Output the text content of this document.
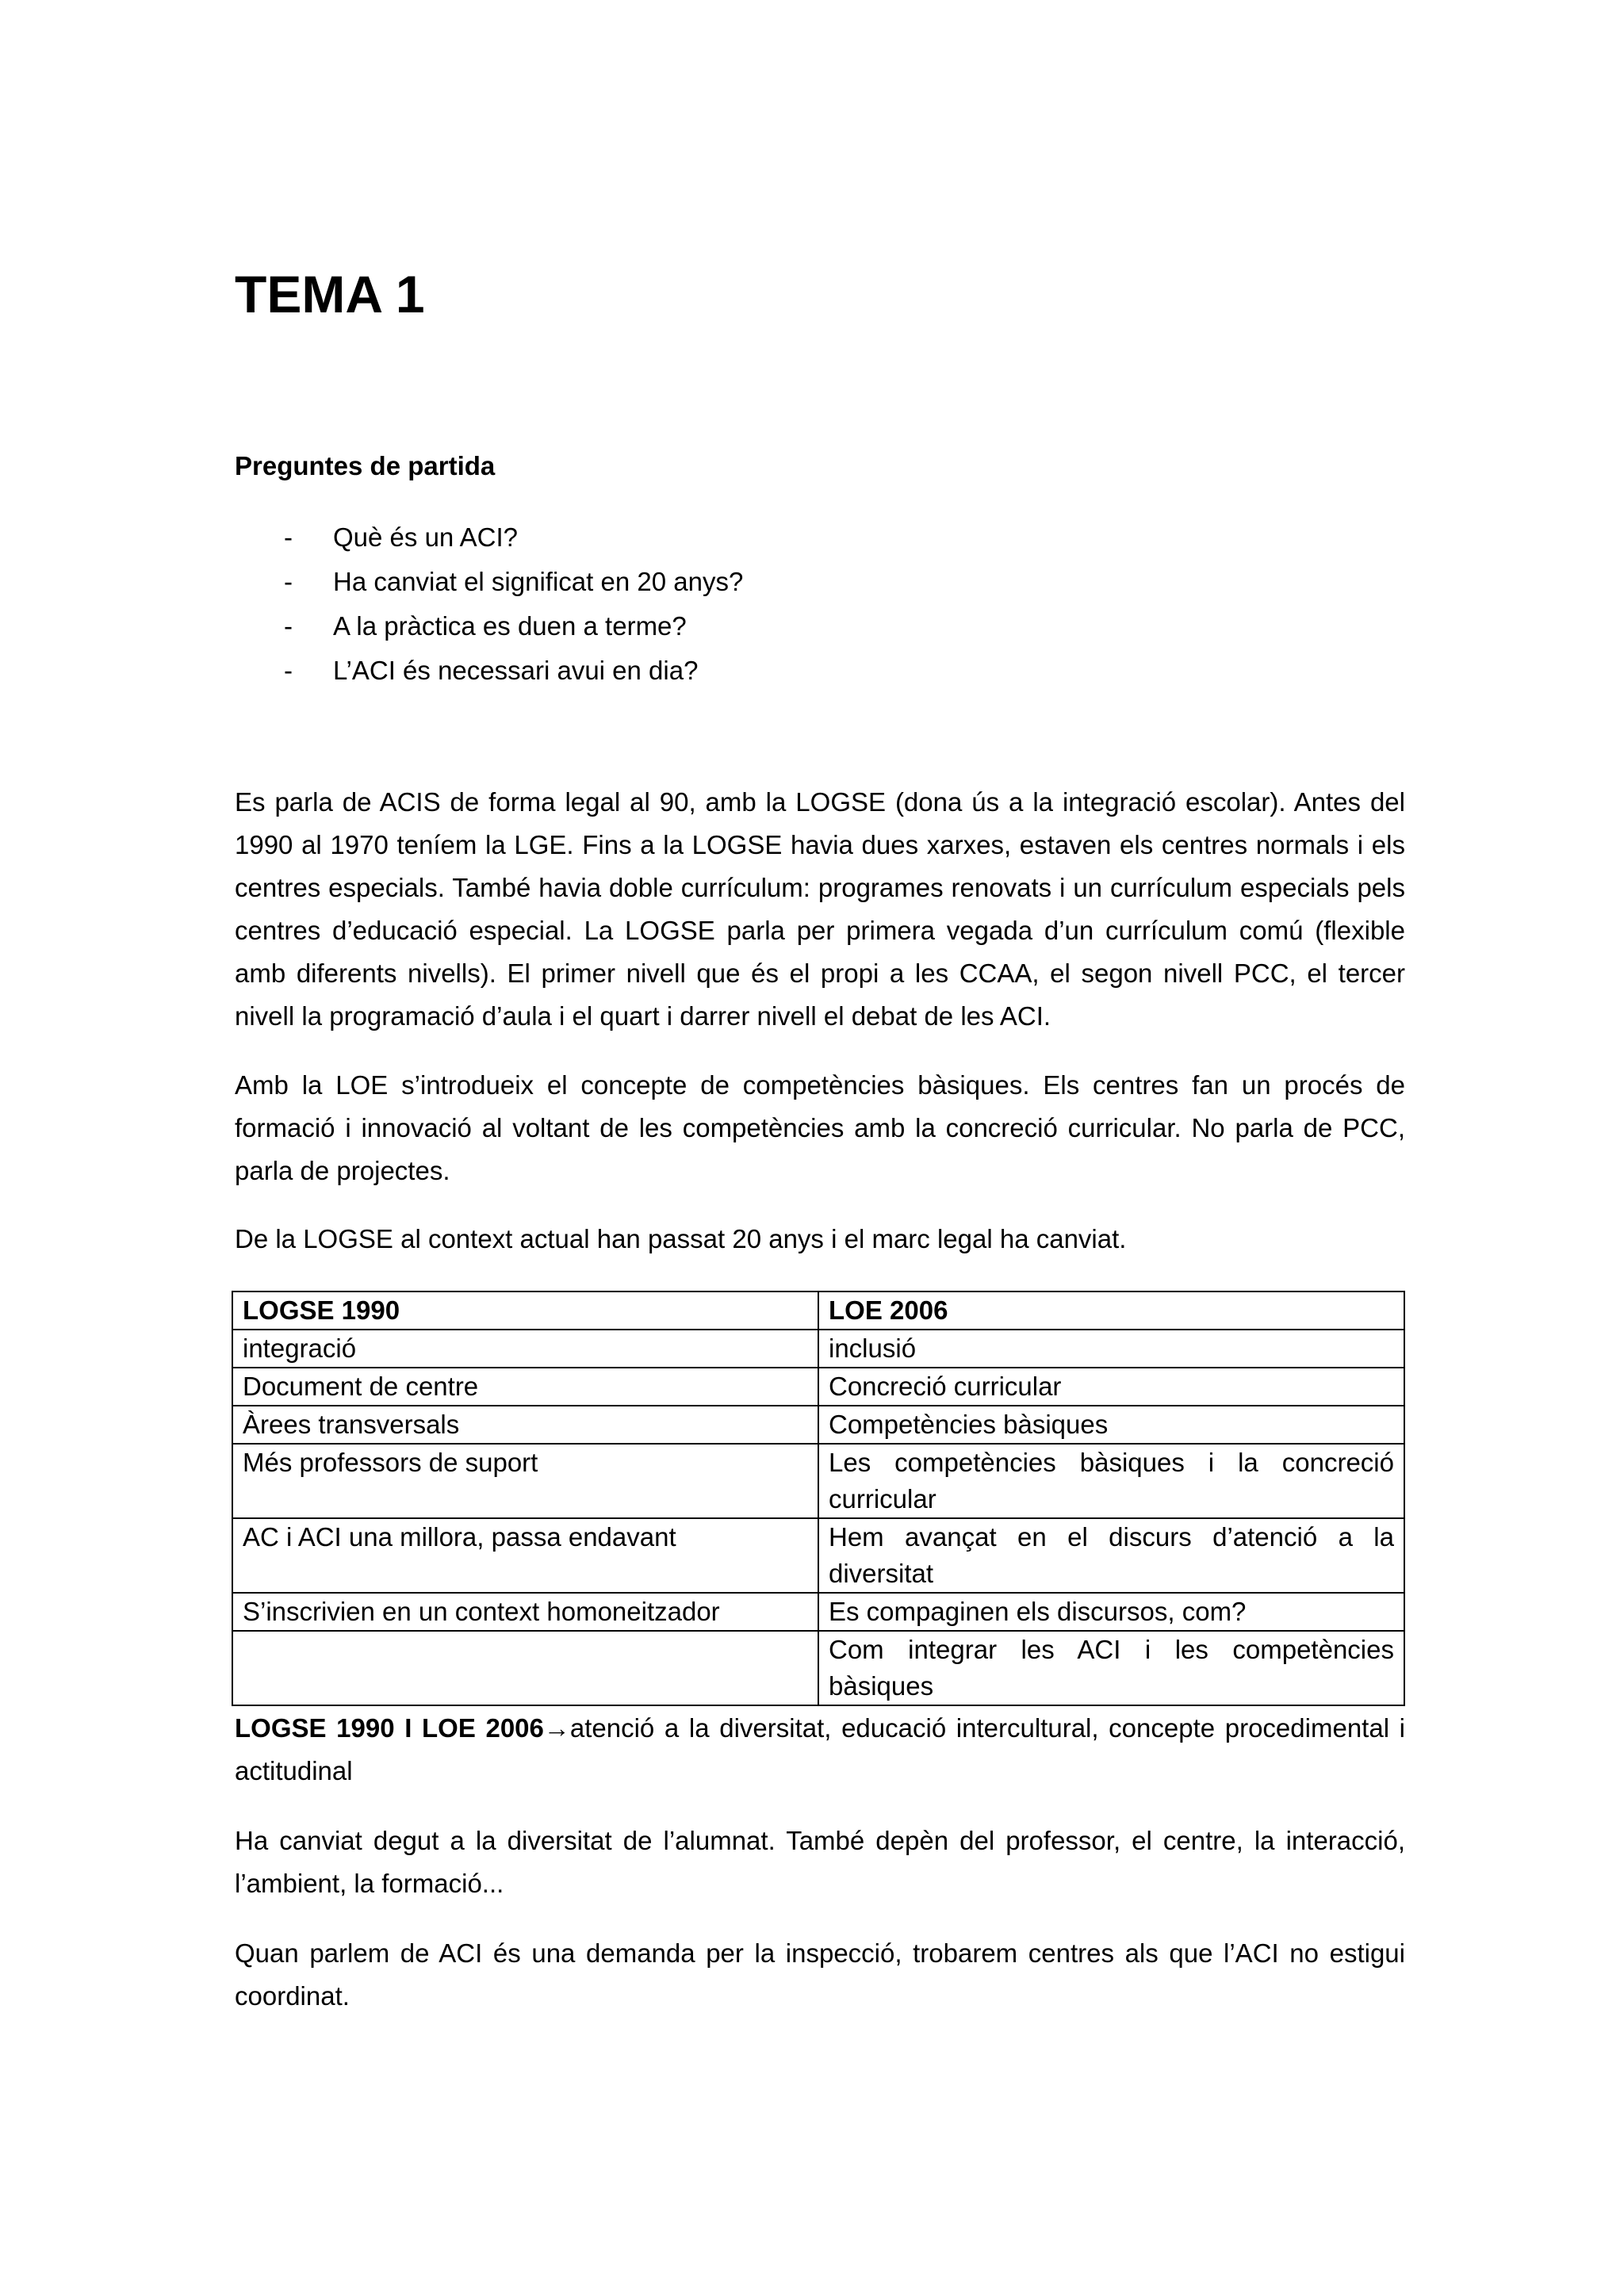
TEMA 1

Preguntes de partida

- Què és un ACI?
- Ha canviat el significat en 20 anys?
- A la pràctica es duen a terme?
- L’ACI és necessari avui en dia?

Es parla de ACIS de forma legal al 90, amb la LOGSE (dona ús a la integració escolar). Antes del 1990 al 1970 teníem la LGE. Fins a la LOGSE havia dues xarxes, estaven els centres normals i els centres especials. També havia doble currículum: programes renovats i un currículum especials pels centres d’educació especial. La LOGSE parla per primera vegada d’un currículum comú (flexible amb diferents nivells). El primer nivell que és el propi a les CCAA, el segon nivell PCC, el tercer nivell la programació d’aula i el quart i darrer nivell el debat de les ACI.

Amb la LOE s’introdueix el concepte de competències bàsiques. Els centres fan un procés de formació i innovació al voltant de les competències amb la concreció curricular. No parla de PCC, parla de projectes.

De la LOGSE al context actual han passat 20 anys i el marc legal ha canviat.

LOGSE 1990	LOE 2006
integració	inclusió
Document de centre	Concreció curricular
Àrees transversals	Competències bàsiques
Més professors de suport	Les competències bàsiques i la concreció curricular
AC i ACI una millora, passa endavant	Hem avançat en el discurs d’atenció a la diversitat
S’inscrivien en un context homoneitzador	Es compaginen els discursos, com?
	Com integrar les ACI i les competències bàsiques

LOGSE 1990 I LOE 2006→atenció a la diversitat, educació intercultural, concepte procedimental i actitudinal

Ha canviat degut a la diversitat de l’alumnat. També depèn del professor, el centre, la interacció, l’ambient, la formació...

Quan parlem de ACI és una demanda per la inspecció, trobarem centres als que l’ACI no estigui coordinat.
